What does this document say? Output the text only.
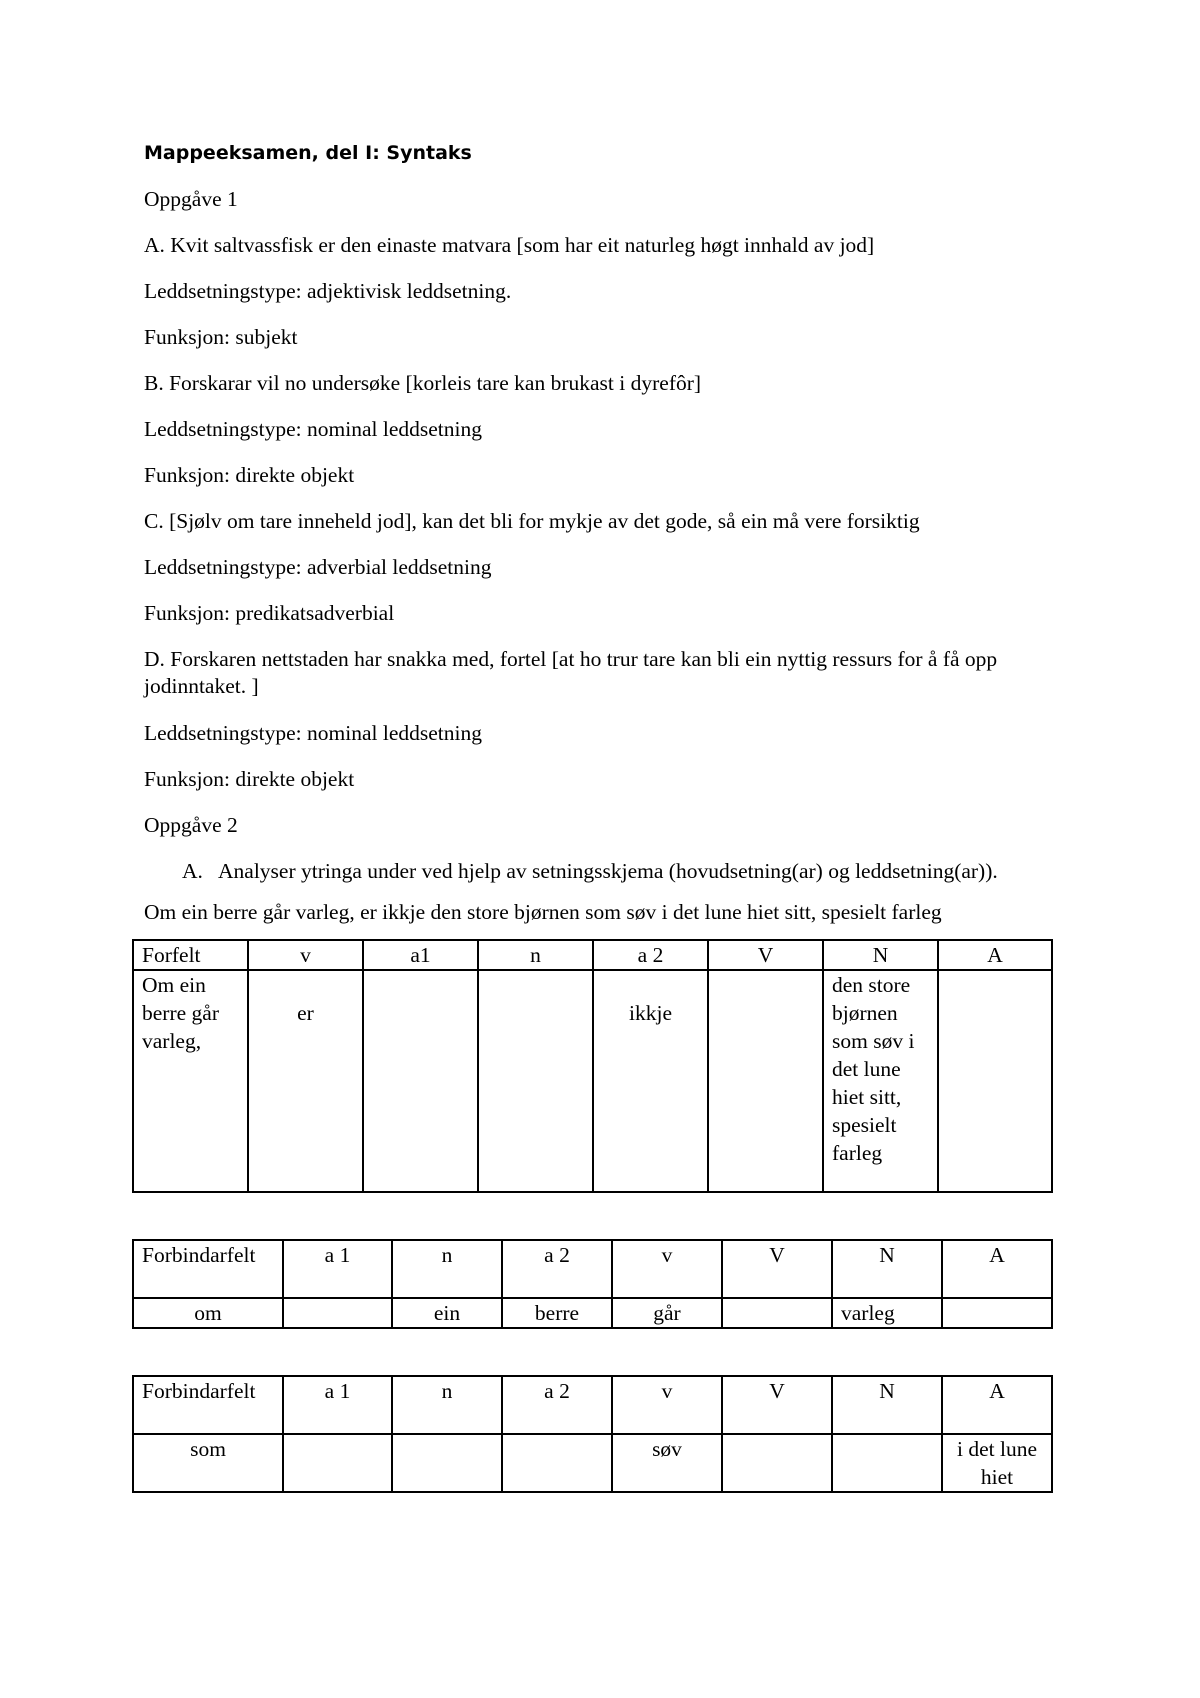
Mappeeksamen, del I: Syntaks

Oppgåve 1

A. Kvit saltvassfisk er den einaste matvara [som har eit naturleg høgt innhald av jod]

Leddsetningstype: adjektivisk leddsetning.

Funksjon: subjekt

B. Forskarar vil no undersøke [korleis tare kan brukast i dyrefôr]

Leddsetningstype: nominal leddsetning

Funksjon: direkte objekt

C. [Sjølv om tare inneheld jod], kan det bli for mykje av det gode, så ein må vere forsiktig

Leddsetningstype: adverbial leddsetning

Funksjon: predikatsadverbial

D. Forskaren nettstaden har snakka med, fortel [at ho trur tare kan bli ein nyttig ressurs for å få opp jodinntaket. ]

Leddsetningstype: nominal leddsetning

Funksjon: direkte objekt

Oppgåve 2

A. Analyser ytringa under ved hjelp av setningsskjema (hovudsetning(ar) og leddsetning(ar)).
Om ein berre går varleg, er ikkje den store bjørnen som søv i det lune hiet sitt, spesielt farleg
Forfelt	v	a1	n	a 2	V	N	A
Om ein berre går varleg,	er			ikkje		den store bjørnen som søv i det lune hiet sitt, spesielt farleg	
Forbindarfelt	a 1	n	a 2	v	V	N	A
om		ein	berre	går		varleg	
Forbindarfelt	a 1	n	a 2	v	V	N	A
som				søv			i det lune hiet
